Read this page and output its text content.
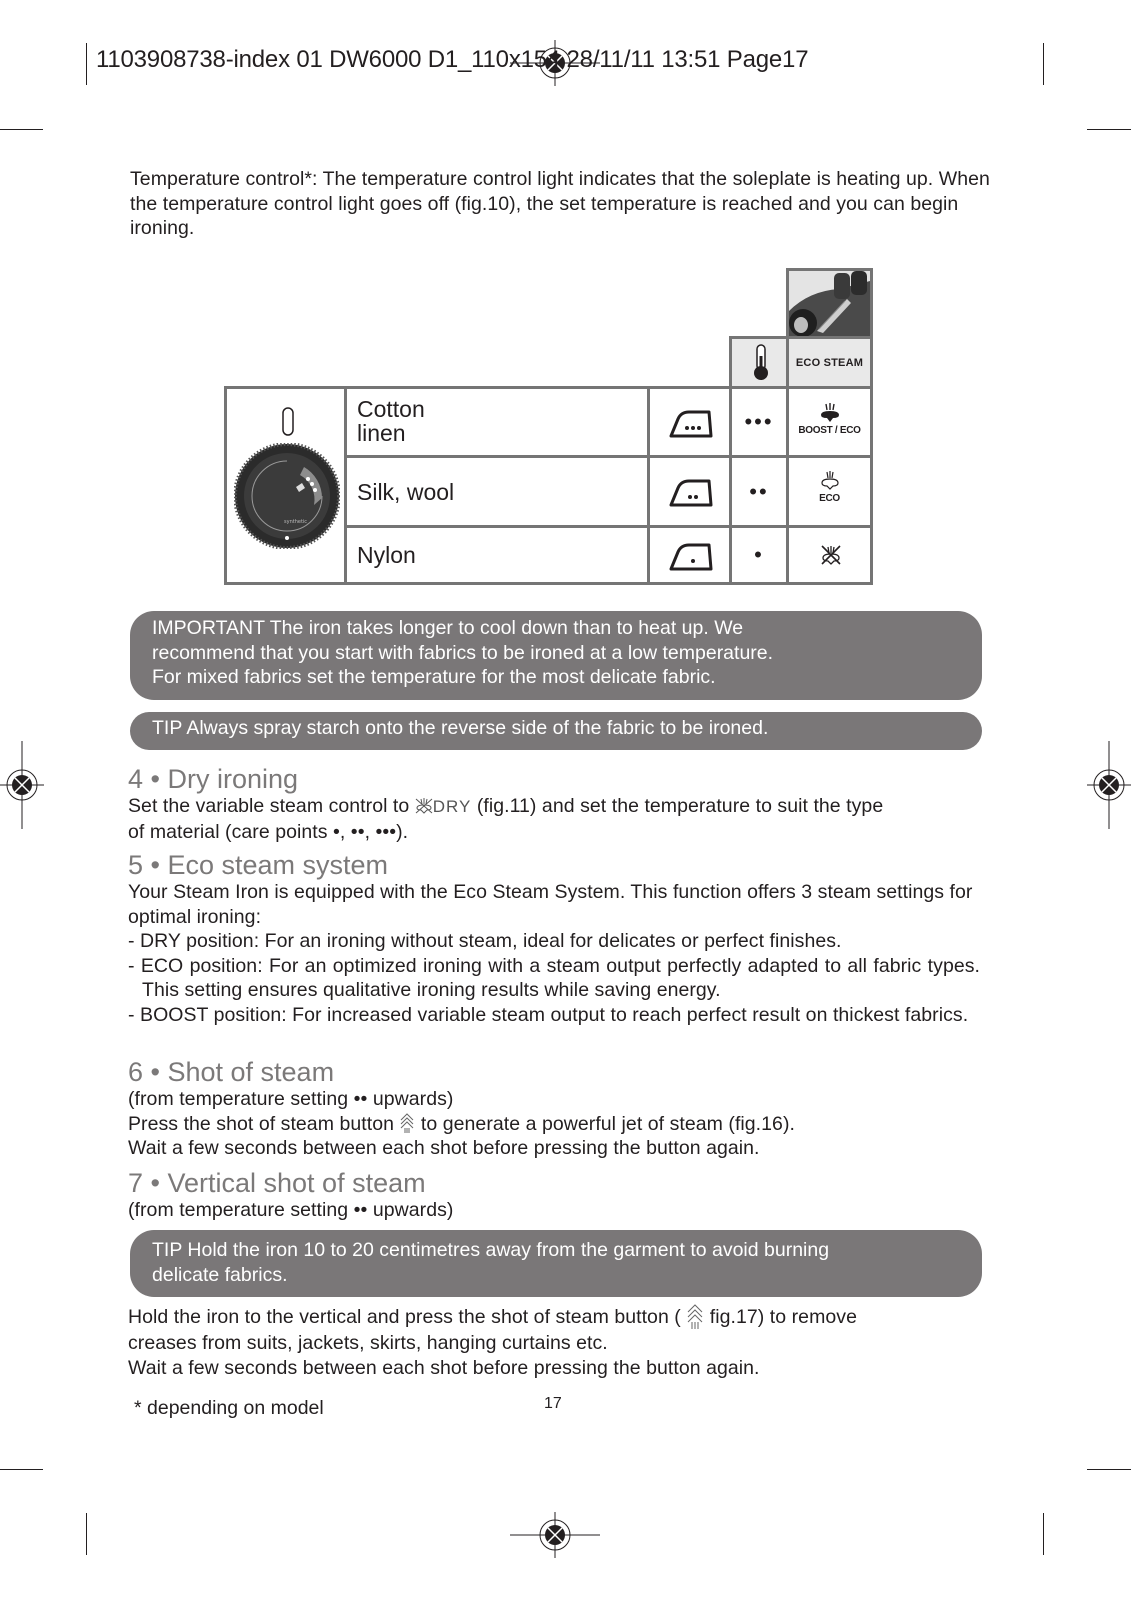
1103908738-index 01 DW6000 D1_110x154 28/11/11 13:51 Page17

Temperature control*: The temperature control light indicates that the soleplate is heating up. When the temperature control light goes off (fig.10), the set temperature is reached and you can begin ironing.

ECO STEAM
synthetic
Cotton
linen
Silk, wool
Nylon
•••
••
•
BOOST / ECO
ECO
IMPORTANT The iron takes longer to cool down than to heat up. We
recommend that you start with fabrics to be ironed at a low temperature.
For mixed fabrics set the temperature for the most delicate fabric.
TIP Always spray starch onto the reverse side of the fabric to be ironed.
4 • Dry ironing
Set the variable steam control to DRY (fig.11) and set the temperature to suit the type
of material (care points •, ••, •••).
5 • Eco steam system

Your Steam Iron is equipped with the Eco Steam System. This function offers 3 steam settings for optimal ironing:

- DRY position: For an ironing without steam, ideal for delicates or perfect finishes.

- ECO position: For an optimized ironing with a steam output perfectly adapted to all fabric types. This setting ensures qualitative ironing results while saving energy.

- BOOST position: For increased variable steam output to reach perfect result on thickest fabrics.

6 • Shot of steam

(from temperature setting •• upwards)

Press the shot of steam button  to generate a powerful jet of steam (fig.16).

Wait a few seconds between each shot before pressing the button again.

7 • Vertical shot of steam

(from temperature setting •• upwards)

TIP Hold the iron 10 to 20 centimetres away from the garment to avoid burning
delicate fabrics.

Hold the iron to the vertical and press the shot of steam button (  fig.17) to remove

creases from suits, jackets, skirts, hanging curtains etc.

Wait a few seconds between each shot before pressing the button again.

* depending on model	17
